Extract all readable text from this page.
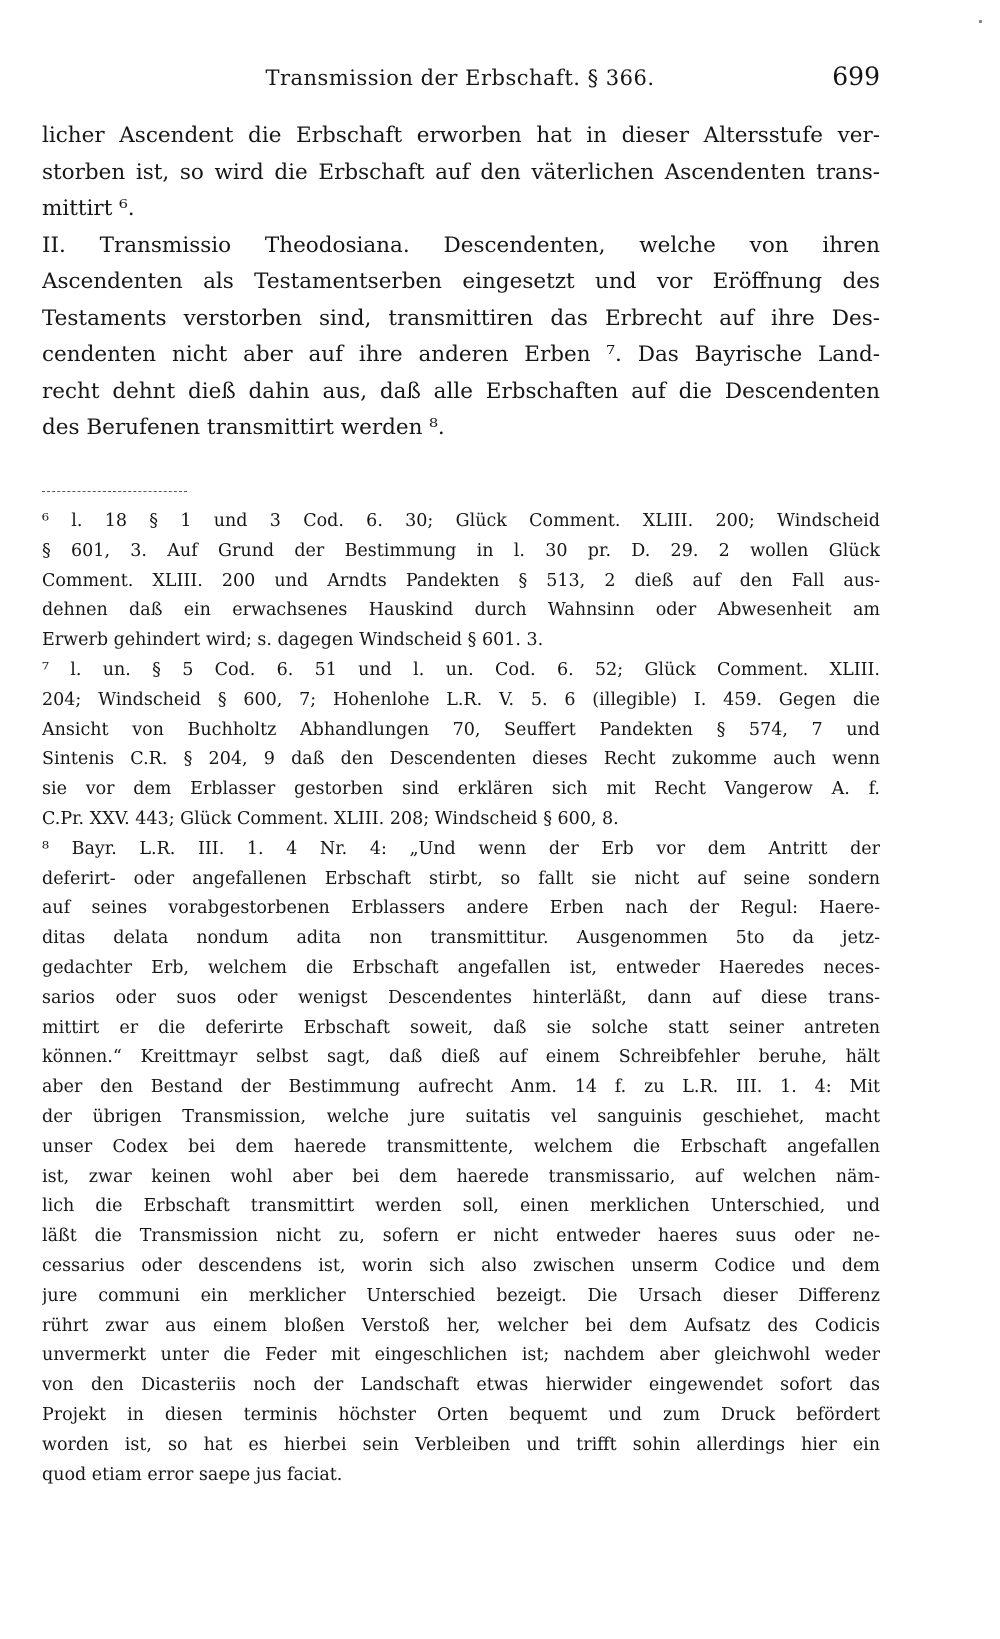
Transmission der Erbschaft. § 366.	699
licher Ascendent die Erbschaft erworben hat in dieser Altersstufe ver-
storben ist, so wird die Erbschaft auf den väterlichen Ascendenten trans-
mittirt ⁶.
II. Transmissio Theodosiana. Descendenten, welche von ihren
Ascendenten als Testamentserben eingesetzt und vor Eröffnung des
Testaments verstorben sind, transmittiren das Erbrecht auf ihre Des-
cendenten nicht aber auf ihre anderen Erben ⁷. Das Bayrische Land-
recht dehnt dieß dahin aus, daß alle Erbschaften auf die Descendenten
des Berufenen transmittirt werden ⁸.
⁶ l. 18 § 1 und 3 Cod. 6. 30; Glück Comment. XLIII. 200; Windscheid
§ 601, 3. Auf Grund der Bestimmung in l. 30 pr. D. 29. 2 wollen Glück
Comment. XLIII. 200 und Arndts Pandekten § 513, 2 dieß auf den Fall aus-
dehnen daß ein erwachsenes Hauskind durch Wahnsinn oder Abwesenheit am
Erwerb gehindert wird; s. dagegen Windscheid § 601. 3.
⁷ l. un. § 5 Cod. 6. 51 und l. un. Cod. 6. 52; Glück Comment. XLIII.
204; Windscheid § 600, 7; Hohenlohe L.R. V. 5. 6 (illegible) I. 459. Gegen die
Ansicht von Buchholtz Abhandlungen 70, Seuffert Pandekten § 574, 7 und
Sintenis C.R. § 204, 9 daß den Descendenten dieses Recht zukomme auch wenn
sie vor dem Erblasser gestorben sind erklären sich mit Recht Vangerow A. f.
C.Pr. XXV. 443; Glück Comment. XLIII. 208; Windscheid § 600, 8.
⁸ Bayr. L.R. III. 1. 4 Nr. 4: „Und wenn der Erb vor dem Antritt der
deferirt- oder angefallenen Erbschaft stirbt, so fallt sie nicht auf seine sondern
auf seines vorabgestorbenen Erblassers andere Erben nach der Regul: Haere-
ditas delata nondum adita non transmittitur. Ausgenommen 5to da jetz-
gedachter Erb, welchem die Erbschaft angefallen ist, entweder Haeredes neces-
sarios oder suos oder wenigst Descendentes hinterläßt, dann auf diese trans-
mittirt er die deferirte Erbschaft soweit, daß sie solche statt seiner antreten
können.“ Kreittmayr selbst sagt, daß dieß auf einem Schreibfehler beruhe, hält
aber den Bestand der Bestimmung aufrecht Anm. 14 f. zu L.R. III. 1. 4: Mit
der übrigen Transmission, welche jure suitatis vel sanguinis geschiehet, macht
unser Codex bei dem haerede transmittente, welchem die Erbschaft angefallen
ist, zwar keinen wohl aber bei dem haerede transmissario, auf welchen näm-
lich die Erbschaft transmittirt werden soll, einen merklichen Unterschied, und
läßt die Transmission nicht zu, sofern er nicht entweder haeres suus oder ne-
cessarius oder descendens ist, worin sich also zwischen unserm Codice und dem
jure communi ein merklicher Unterschied bezeigt. Die Ursach dieser Differenz
rührt zwar aus einem bloßen Verstoß her, welcher bei dem Aufsatz des Codicis
unvermerkt unter die Feder mit eingeschlichen ist; nachdem aber gleichwohl weder
von den Dicasteriis noch der Landschaft etwas hierwider eingewendet sofort das
Projekt in diesen terminis höchster Orten bequemt und zum Druck befördert
worden ist, so hat es hierbei sein Verbleiben und trifft sohin allerdings hier ein
quod etiam error saepe jus faciat.
